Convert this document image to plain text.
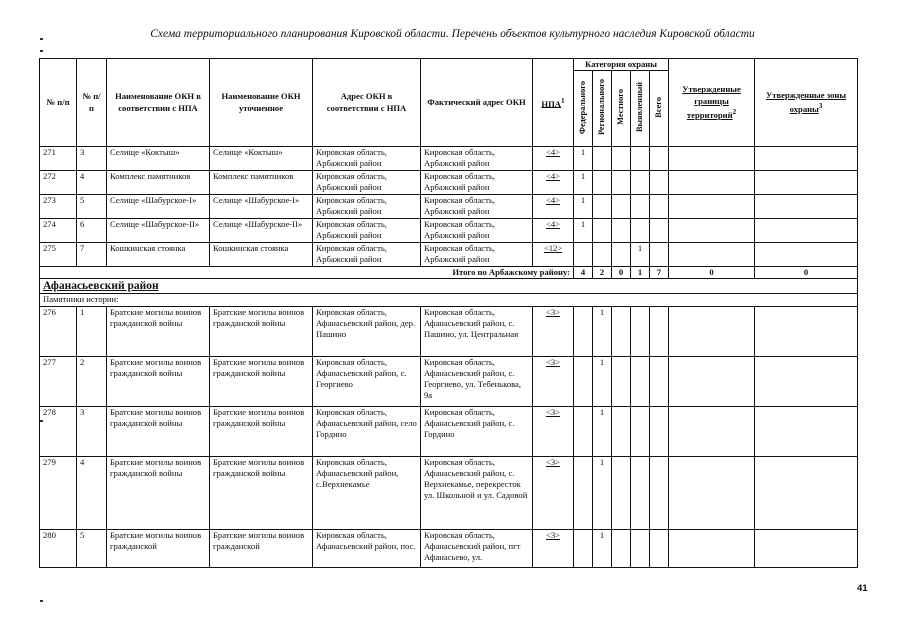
Схема территориального планирования Кировской области. Перечень объектов культурного наследия Кировской области
№ п/п	№ п/п	Наименование ОКН в соответствии с НПА	Наименование ОКН уточненное	Адрес ОКН в соответствии с НПА	Фактический адрес ОКН	НПА$^1$	Категория охраны					Утвержденные границы территорий$^2$	Утвержденные зоны охраны$^3$
							Федерального	Регионального	Местного	Выявленный	Всего		
271	3	Селище «Коктыш»	Селище «Коктыш»	Кировская область, Арбажский район	Кировская область, Арбажский район	<4>	1						
272	4	Комплекс памятников	Комплекс памятников	Кировская область, Арбажский район	Кировская область, Арбажский район	<4>	1						
273	5	Селище «Шабурское-I»	Селище «Шабурское-I»	Кировская область, Арбажский район	Кировская область, Арбажский район	<4>	1						
274	6	Селище «Шабурское-II»	Селище «Шабурское-II»	Кировская область, Арбажский район	Кировская область, Арбажский район	<4>	1						
275	7	Кошкинская стоянка	Кошкинская стоянка	Кировская область, Арбажский район	Кировская область, Арбажский район	<12>				1			
Итого по Арбажскому району:							4	2	0	1	7	0	0
Афанасьевский район													
Памятники истории:													
276	1	Братские могилы воинов гражданской войны	Братские могилы воинов гражданской войны	Кировская область, Афанасьевский район, дер. Пашино	Кировская область, Афанасьевский район, с. Пашино, ул. Центральная	<3>		1					
277	2	Братские могилы воинов гражданской войны	Братские могилы воинов гражданской войны	Кировская область, Афанасьевский район, с. Георгиево	Кировская область, Афанасьевский район, с. Георгиево, ул. Тебенькова, 9а	<3>		1					
278	3	Братские могилы воинов гражданской войны	Братские могилы воинов гражданской войны	Кировская область, Афанасьевский район, село Гордино	Кировская область, Афанасьевский район, с. Гордино	<3>		1					
279	4	Братские могилы воинов гражданской войны	Братские могилы воинов гражданской войны	Кировская область, Афанасьевский район, с.Верхнекамье	Кировская область, Афанасьевский район, с. Верхнекамье, перекресток ул. Школьной и ул. Садовой	<3>		1					
280	5	Братские могилы воинов гражданской	Братские могилы воинов гражданской	Кировская область, Афанасьевский район, пос.	Кировская область, Афанасьевский район, пгт Афанасьево, ул.	<3>		1					
41
